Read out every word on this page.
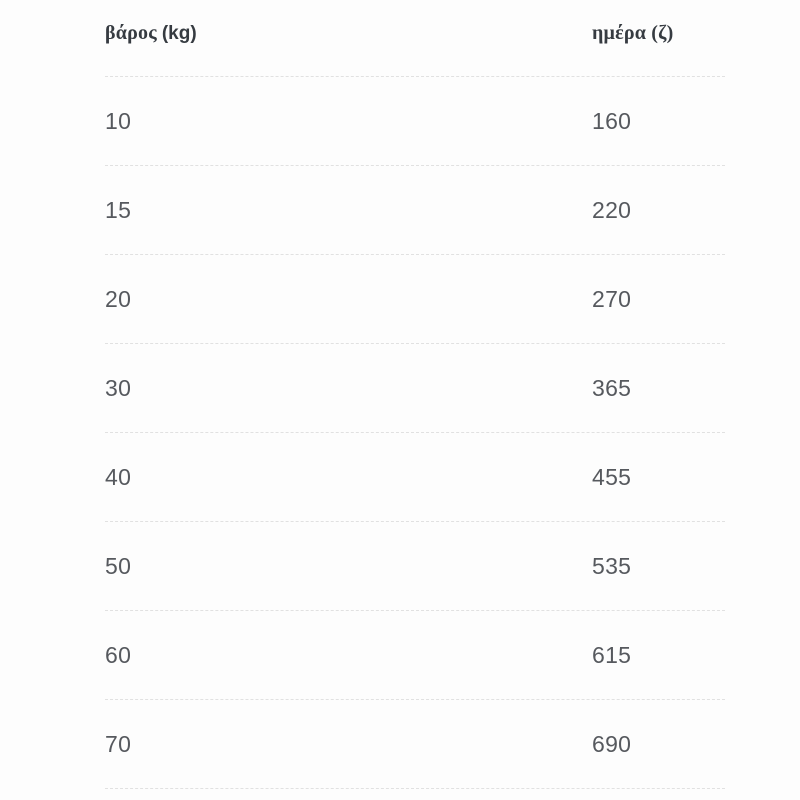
βάρος (kg)	ημέρα (ζ)
10	160
15	220
20	270
30	365
40	455
50	535
60	615
70	690
